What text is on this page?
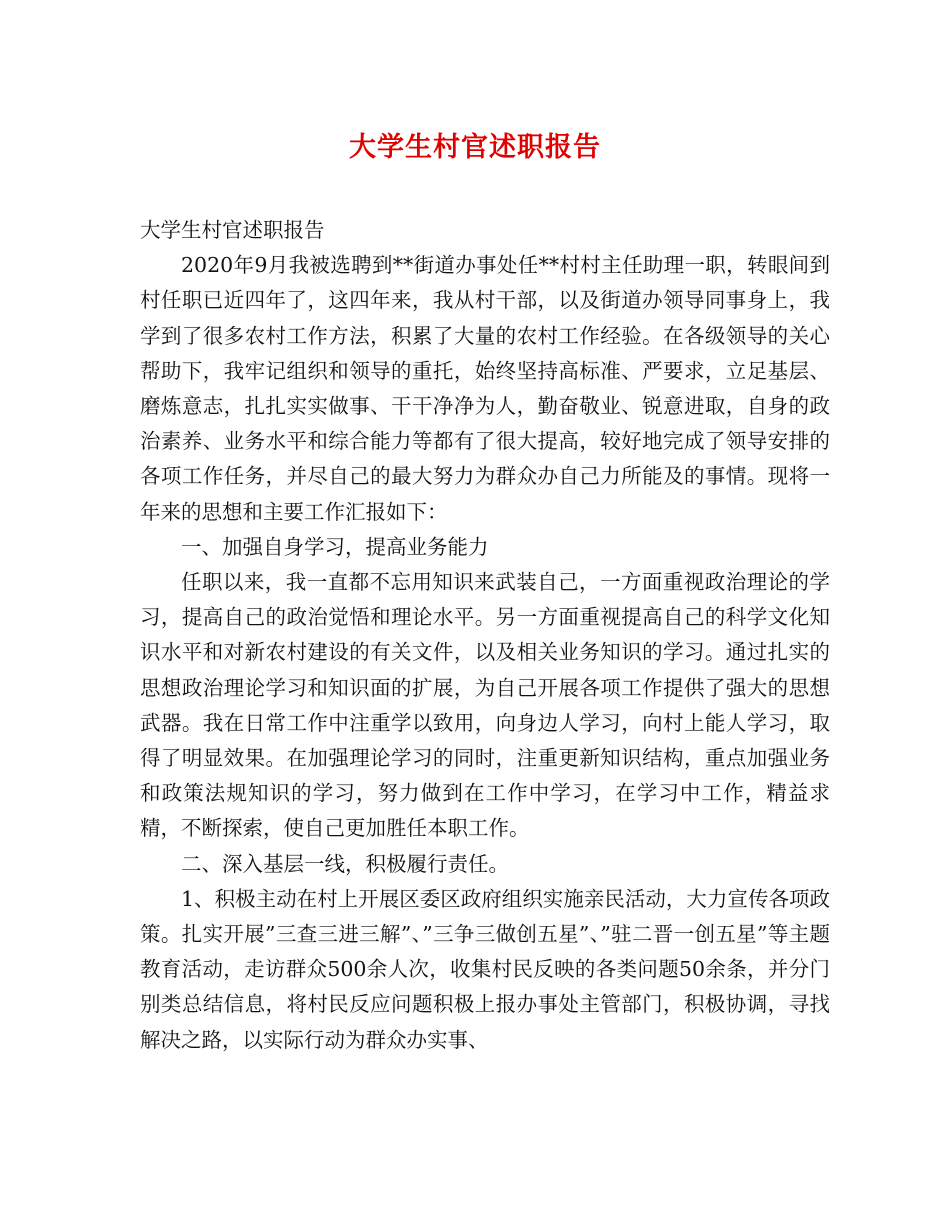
大学生村官述职报告

大学生村官述职报告

2020年9月我被选聘到**街道办事处任**村村主任助理一职，转眼间到村任职已近四年了，这四年来，我从村干部，以及街道办领导同事身上，我学到了很多农村工作方法，积累了大量的农村工作经验。在各级领导的关心帮助下，我牢记组织和领导的重托，始终坚持高标准、严要求，立足基层、磨炼意志，扎扎实实做事、干干净净为人，勤奋敬业、锐意进取，自身的政治素养、业务水平和综合能力等都有了很大提高，较好地完成了领导安排的各项工作任务，并尽自己的最大努力为群众办自己力所能及的事情。现将一年来的思想和主要工作汇报如下：

一、加强自身学习，提高业务能力

任职以来，我一直都不忘用知识来武装自己，一方面重视政治理论的学习，提高自己的政治觉悟和理论水平。另一方面重视提高自己的科学文化知识水平和对新农村建设的有关文件，以及相关业务知识的学习。通过扎实的思想政治理论学习和知识面的扩展，为自己开展各项工作提供了强大的思想武器。我在日常工作中注重学以致用，向身边人学习，向村上能人学习，取得了明显效果。在加强理论学习的同时，注重更新知识结构，重点加强业务和政策法规知识的学习，努力做到在工作中学习，在学习中工作，精益求精，不断探索，使自己更加胜任本职工作。

二、深入基层一线，积极履行责任。

1、积极主动在村上开展区委区政府组织实施亲民活动，大力宣传各项政策。扎实开展”三查三进三解”、”三争三做创五星”、”驻二晋一创五星”等主题教育活动，走访群众500余人次，收集村民反映的各类问题50余条，并分门别类总结信息，将村民反应问题积极上报办事处主管部门，积极协调，寻找解决之路，以实际行动为群众办实事、
